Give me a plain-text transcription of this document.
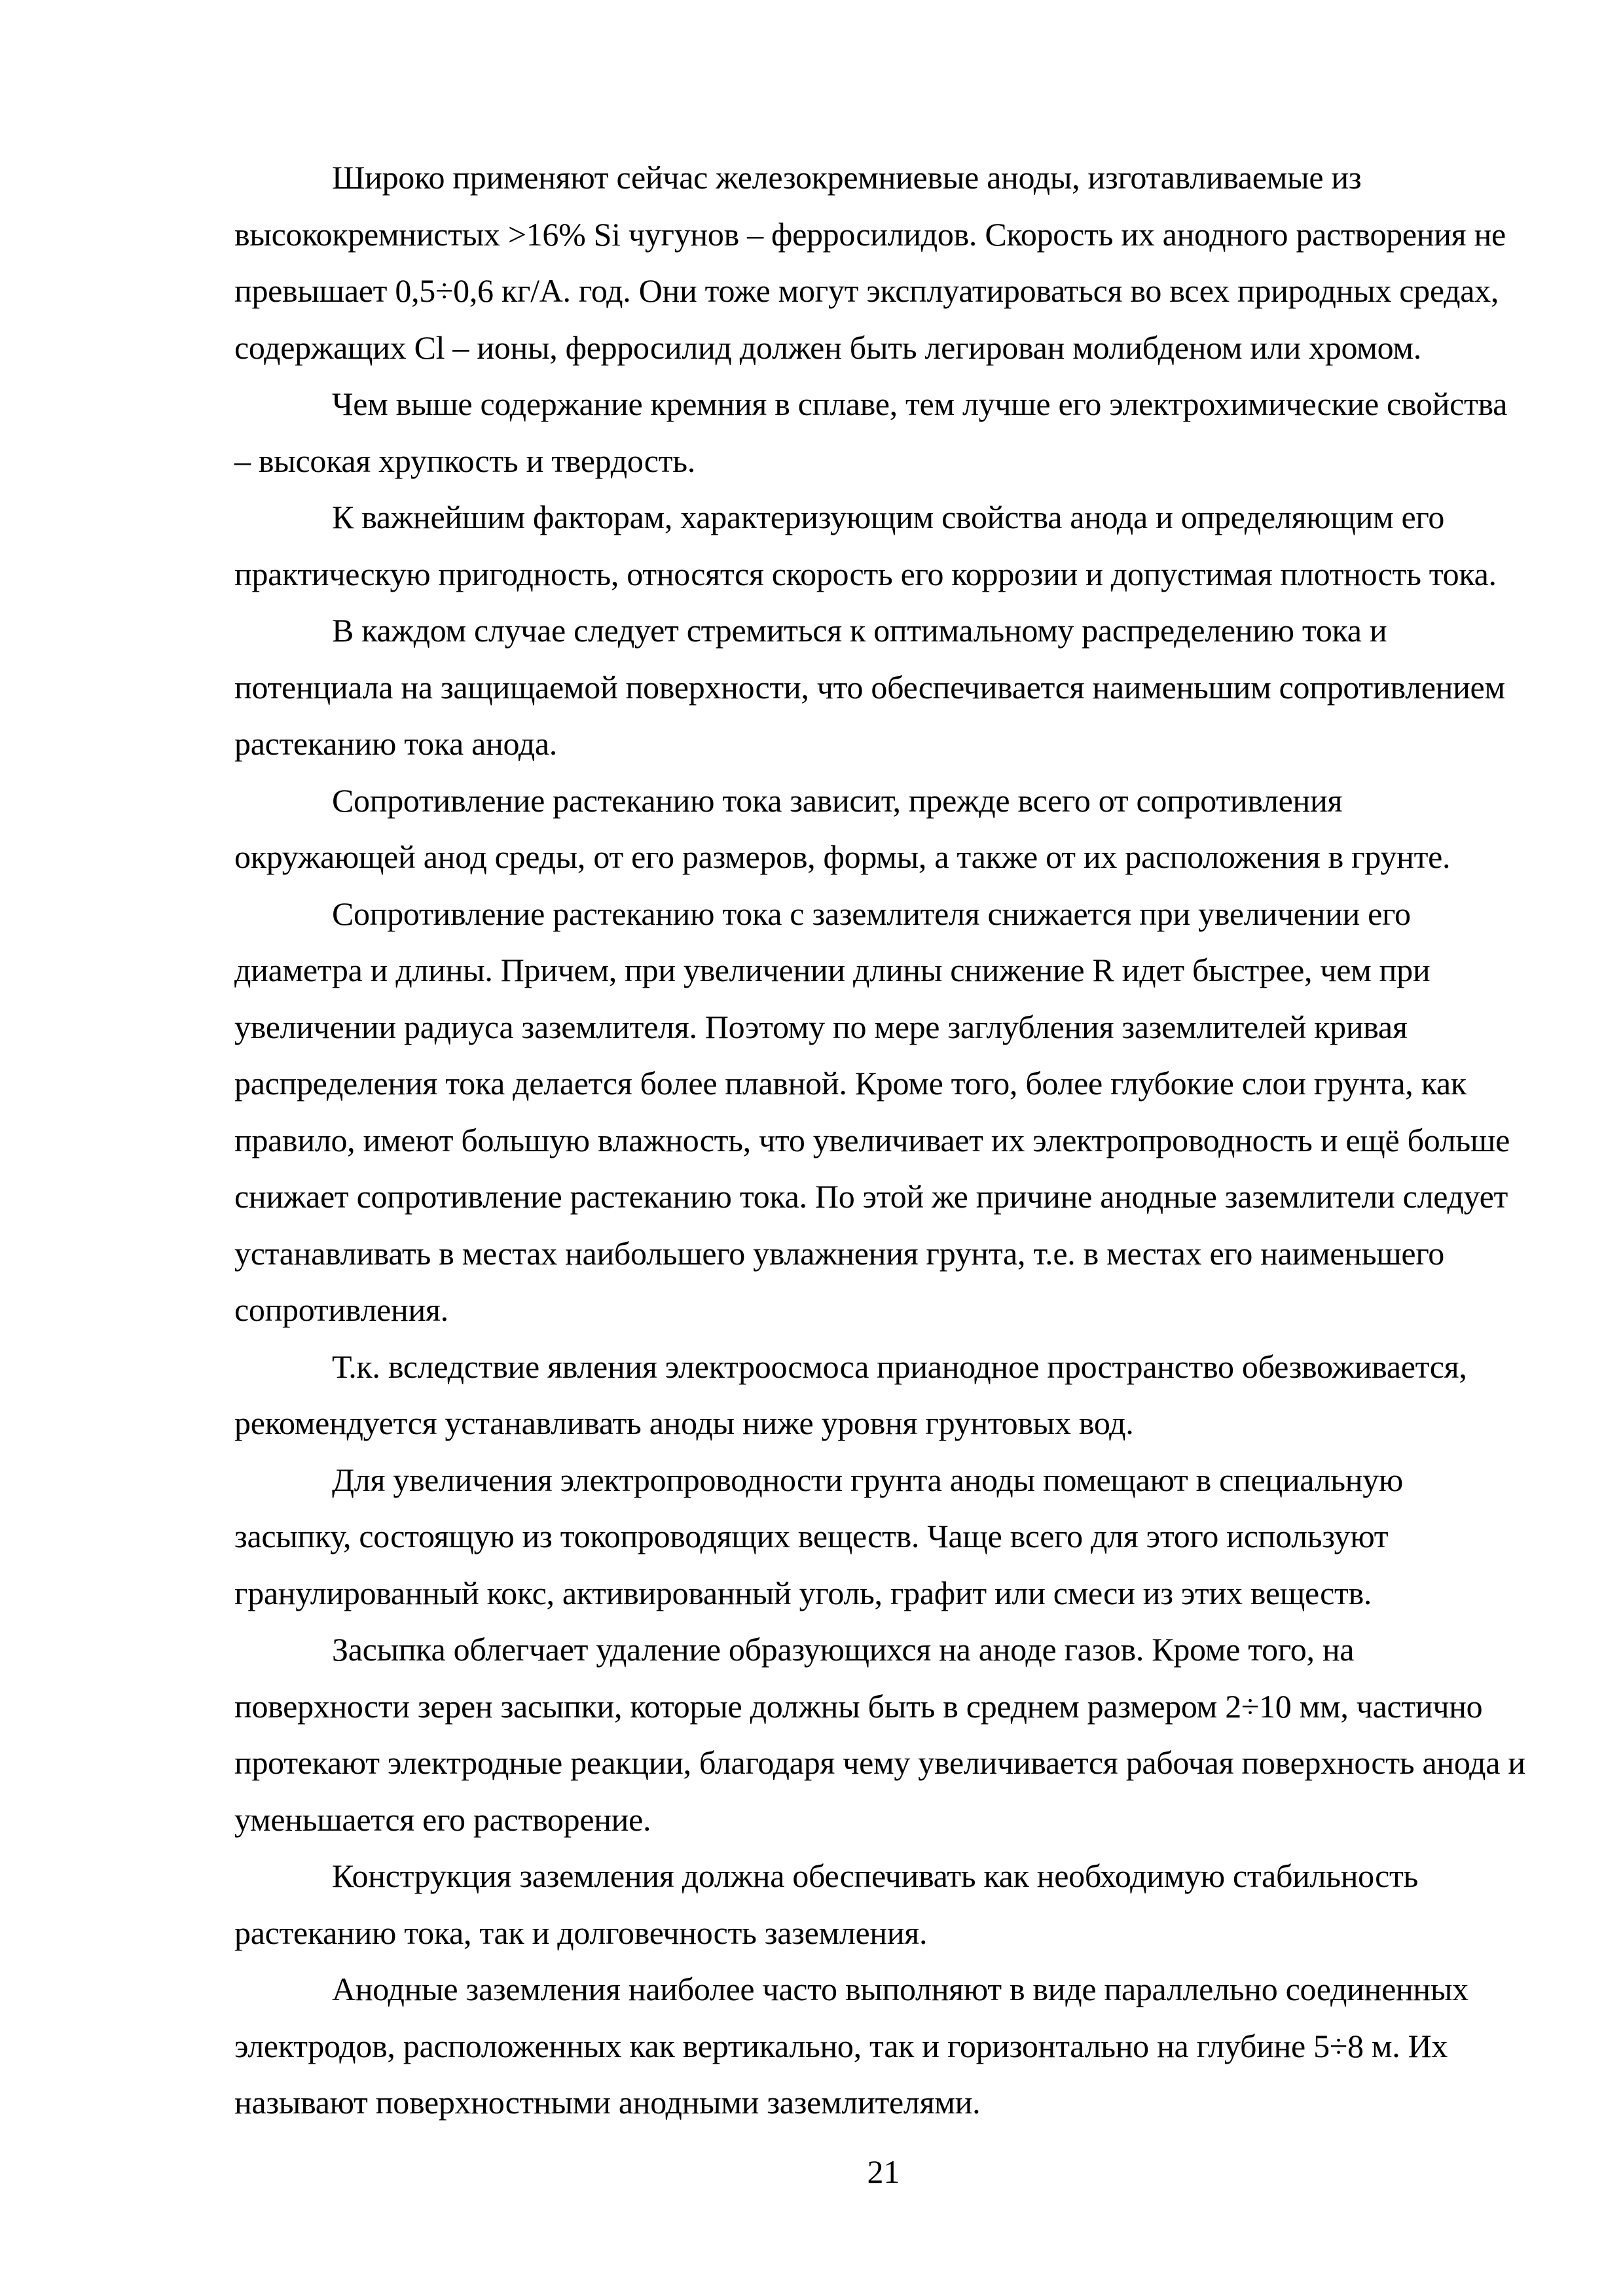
Широко применяют сейчас железокремниевые аноды, изготавливаемые из
высококремнистых >16% Si чугунов – ферросилидов. Скорость их анодного растворения не
превышает 0,5÷0,6 кг/А. год. Они тоже могут эксплуатироваться во всех природных средах,
содержащих Cl – ионы, ферросилид должен быть легирован молибденом или хромом.
Чем выше содержание кремния в сплаве, тем лучше его электрохимические свойства
– высокая хрупкость и твердость.
К важнейшим факторам, характеризующим свойства анода и определяющим его
практическую пригодность, относятся скорость его коррозии и допустимая плотность тока.
В каждом случае следует стремиться к оптимальному распределению тока и
потенциала на защищаемой поверхности, что обеспечивается наименьшим сопротивлением
растеканию тока анода.
Сопротивление растеканию тока зависит, прежде всего от сопротивления
окружающей анод среды, от его размеров, формы, а также от их расположения в грунте.
Сопротивление растеканию тока с заземлителя снижается при увеличении его
диаметра и длины. Причем, при увеличении длины снижение R идет быстрее, чем при
увеличении радиуса заземлителя. Поэтому по мере заглубления заземлителей кривая
распределения тока делается более плавной. Кроме того, более глубокие слои грунта, как
правило, имеют большую влажность, что увеличивает их электропроводность и ещё больше
снижает сопротивление растеканию тока. По этой же причине анодные заземлители следует
устанавливать в местах наибольшего увлажнения грунта, т.е. в местах его наименьшего
сопротивления.
Т.к. вследствие явления электроосмоса прианодное пространство обезвоживается,
рекомендуется устанавливать аноды ниже уровня грунтовых вод.
Для увеличения электропроводности грунта аноды помещают в специальную
засыпку, состоящую из токопроводящих веществ. Чаще всего для этого используют
гранулированный кокс, активированный уголь, графит или смеси из этих веществ.
Засыпка облегчает удаление образующихся на аноде газов. Кроме того, на
поверхности зерен засыпки, которые должны быть в среднем размером 2÷10 мм, частично
протекают электродные реакции, благодаря чему увеличивается рабочая поверхность анода и
уменьшается его растворение.
Конструкция заземления должна обеспечивать как необходимую стабильность
растеканию тока, так и долговечность заземления.
Анодные заземления наиболее часто выполняют в виде параллельно соединенных
электродов, расположенных как вертикально, так и горизонтально на глубине 5÷8 м. Их
называют поверхностными анодными заземлителями.
21
